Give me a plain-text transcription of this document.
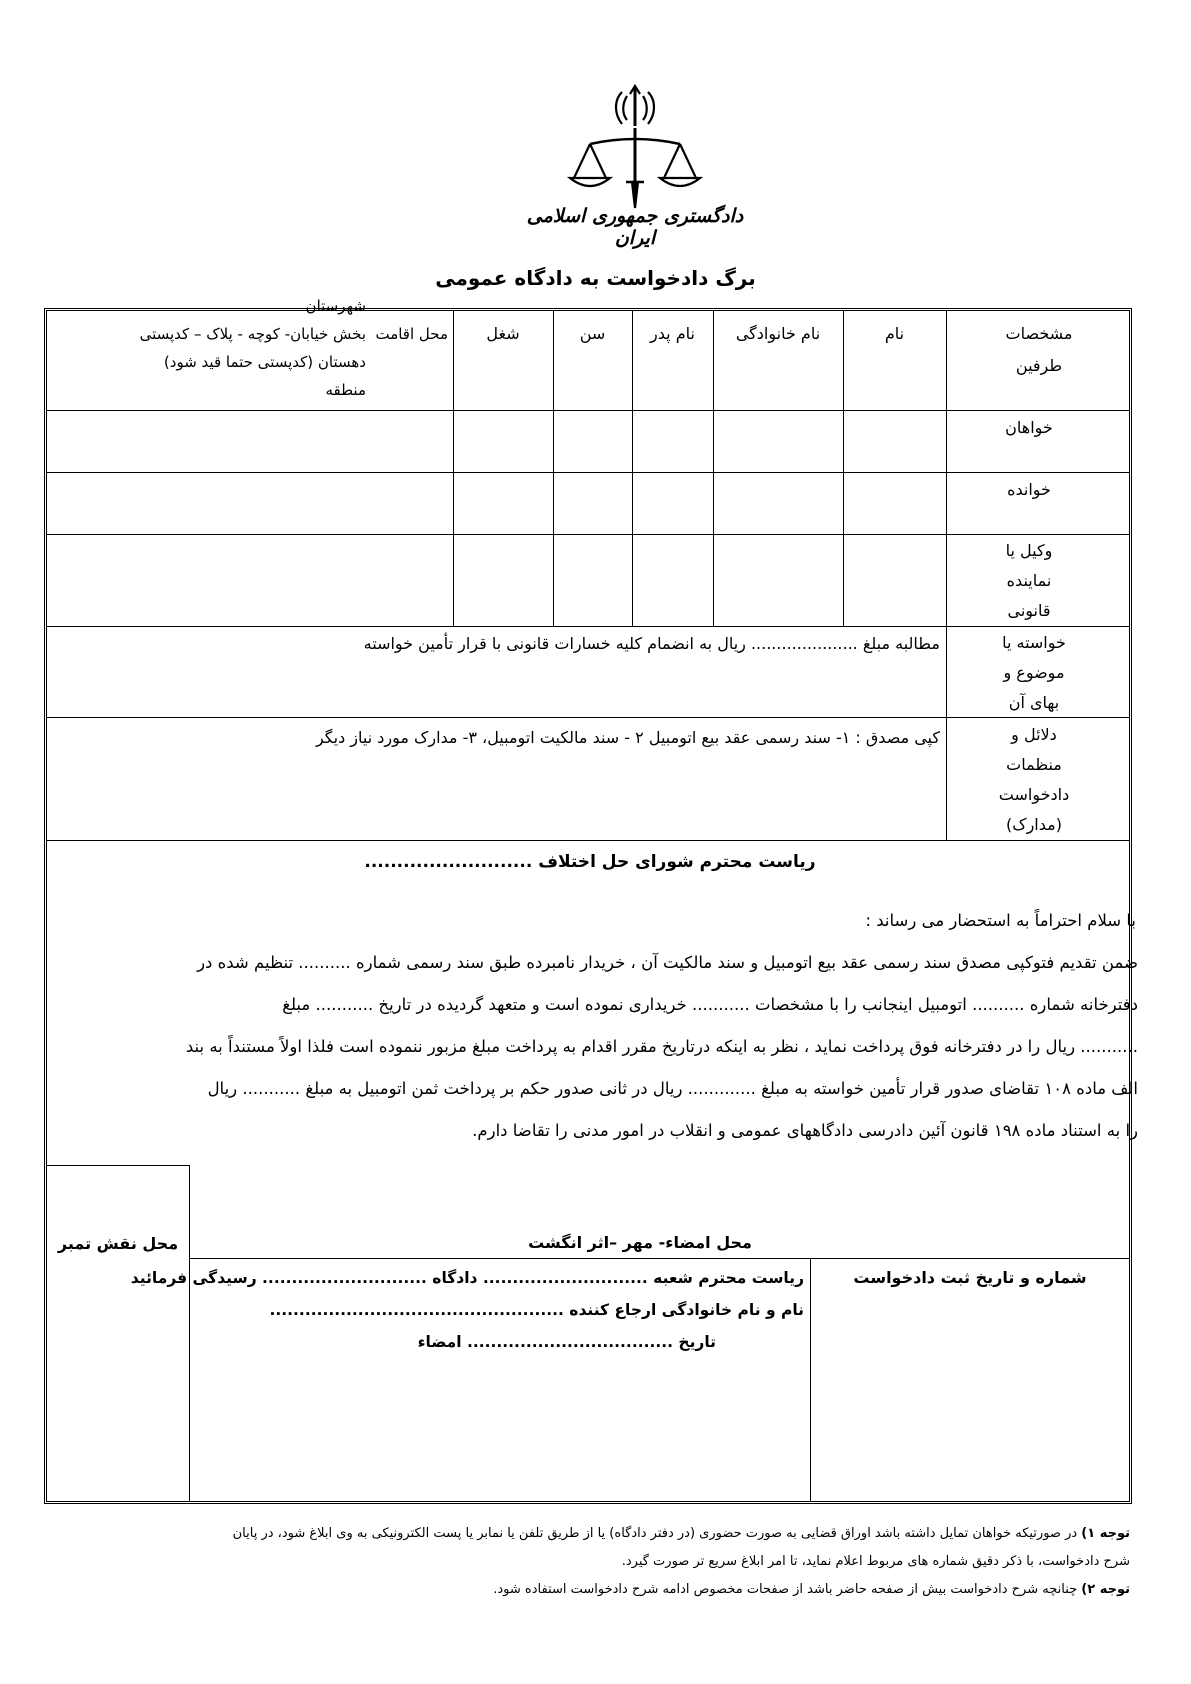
دادگستری جمهوری اسلامی ایران
برگ دادخواست به دادگاه عمومی
مشخصات
طرفین
نام
نام خانوادگی
نام پدر
سن
شغل
محل اقامت
شهرستان
بخش خیابان- کوچه - پلاک – کدپستی
دهستان (کدپستی حتما قید شود)
منطقه
خواهان
خوانده
وکیل یا
نماینده
قانونی
خواسته یا
موضوع و
بهای آن
مطالبه مبلغ ..................... ریال به انضمام کلیه خسارات قانونی با قرار تأمین خواسته
دلائل و
منظمات
دادخواست
(مدارک)
کپی مصدق : ۱- سند رسمی عقد بیع اتومبیل ۲ - سند مالکیت اتومبیل، ۳- مدارک مورد نیاز دیگر
ریاست محترم شورای حل اختلاف ..........................
با سلام احتراماً به استحضار می رساند :
ضمن تقدیم فتوکپی مصدق سند رسمی عقد بیع اتومبیل و سند مالکیت آن ، خریدار نامبرده طبق سند رسمی شماره .......... تنظیم شده در
دفترخانه شماره .......... اتومبیل اینجانب را با مشخصات ........... خریداری نموده است و متعهد گردیده در تاریخ ........... مبلغ
........... ریال را در دفترخانه فوق پرداخت نماید ، نظر به اینکه درتاریخ مقرر اقدام به پرداخت مبلغ مزبور ننموده است فلذا اولاً مستنداً به بند
الف ماده ۱۰۸ تقاضای صدور قرار تأمین خواسته به مبلغ ............. ریال در ثانی صدور حکم بر پرداخت ثمن اتومبیل به مبلغ ........... ریال
را به استناد ماده ۱۹۸ قانون آئین دادرسی دادگاههای عمومی و انقلاب در امور مدنی را تقاضا دارم.
محل نقش تمبر	محل امضاء- مهر –اثر انگشت
شماره و تاریخ ثبت دادخواست
ریاست محترم شعبه ............................ دادگاه ............................ رسیدگی فرمائید
نام و نام خانوادگی ارجاع کننده ..................................................
تاریخ ................................... امضاء
توجه ۱) در صورتیکه خواهان تمایل داشته باشد اوراق قضایی به صورت حضوری (در دفتر دادگاه) یا از طریق تلفن یا نمابر یا پست الکترونیکی به وی ابلاغ شود، در پایان
شرح دادخواست، با ذکر دقیق شماره های مربوط اعلام نماید، تا امر ابلاغ سریع تر صورت گیرد.
توجه ۲) چنانچه شرح دادخواست بیش از صفحه حاضر باشد از صفحات مخصوص ادامه شرح دادخواست استفاده شود.
